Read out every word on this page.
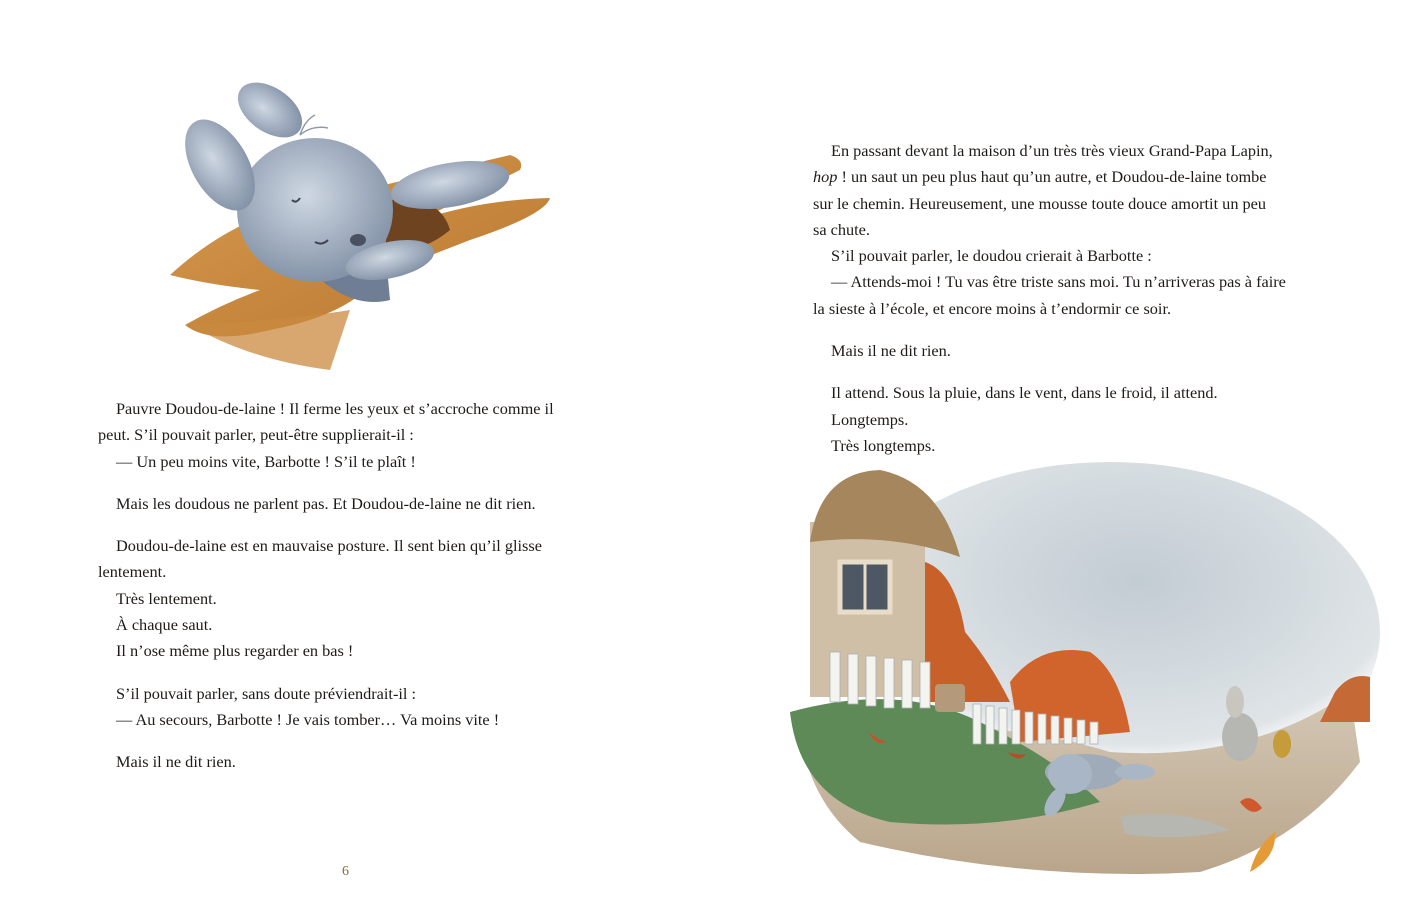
Pauvre Doudou-de-laine ! Il ferme les yeux et s’accroche comme il

peut. S’il pouvait parler, peut-être supplierait-il :

— Un peu moins vite, Barbotte ! S’il te plaît !

Mais les doudous ne parlent pas. Et Doudou-de-laine ne dit rien.

Doudou-de-laine est en mauvaise posture. Il sent bien qu’il glisse

lentement.

Très lentement.

À chaque saut.

Il n’ose même plus regarder en bas !

S’il pouvait parler, sans doute préviendrait-il :

— Au secours, Barbotte ! Je vais tomber… Va moins vite !

Mais il ne dit rien.

6

En passant devant la maison d’un très très vieux Grand-Papa Lapin,

hop ! un saut un peu plus haut qu’un autre, et Doudou-de-laine tombe

sur le chemin. Heureusement, une mousse toute douce amortit un peu

sa chute.

S’il pouvait parler, le doudou crierait à Barbotte :

— Attends-moi ! Tu vas être triste sans moi. Tu n’arriveras pas à faire

la sieste à l’école, et encore moins à t’endormir ce soir.

Mais il ne dit rien.

Il attend. Sous la pluie, dans le vent, dans le froid, il attend.

Longtemps.

Très longtemps.
